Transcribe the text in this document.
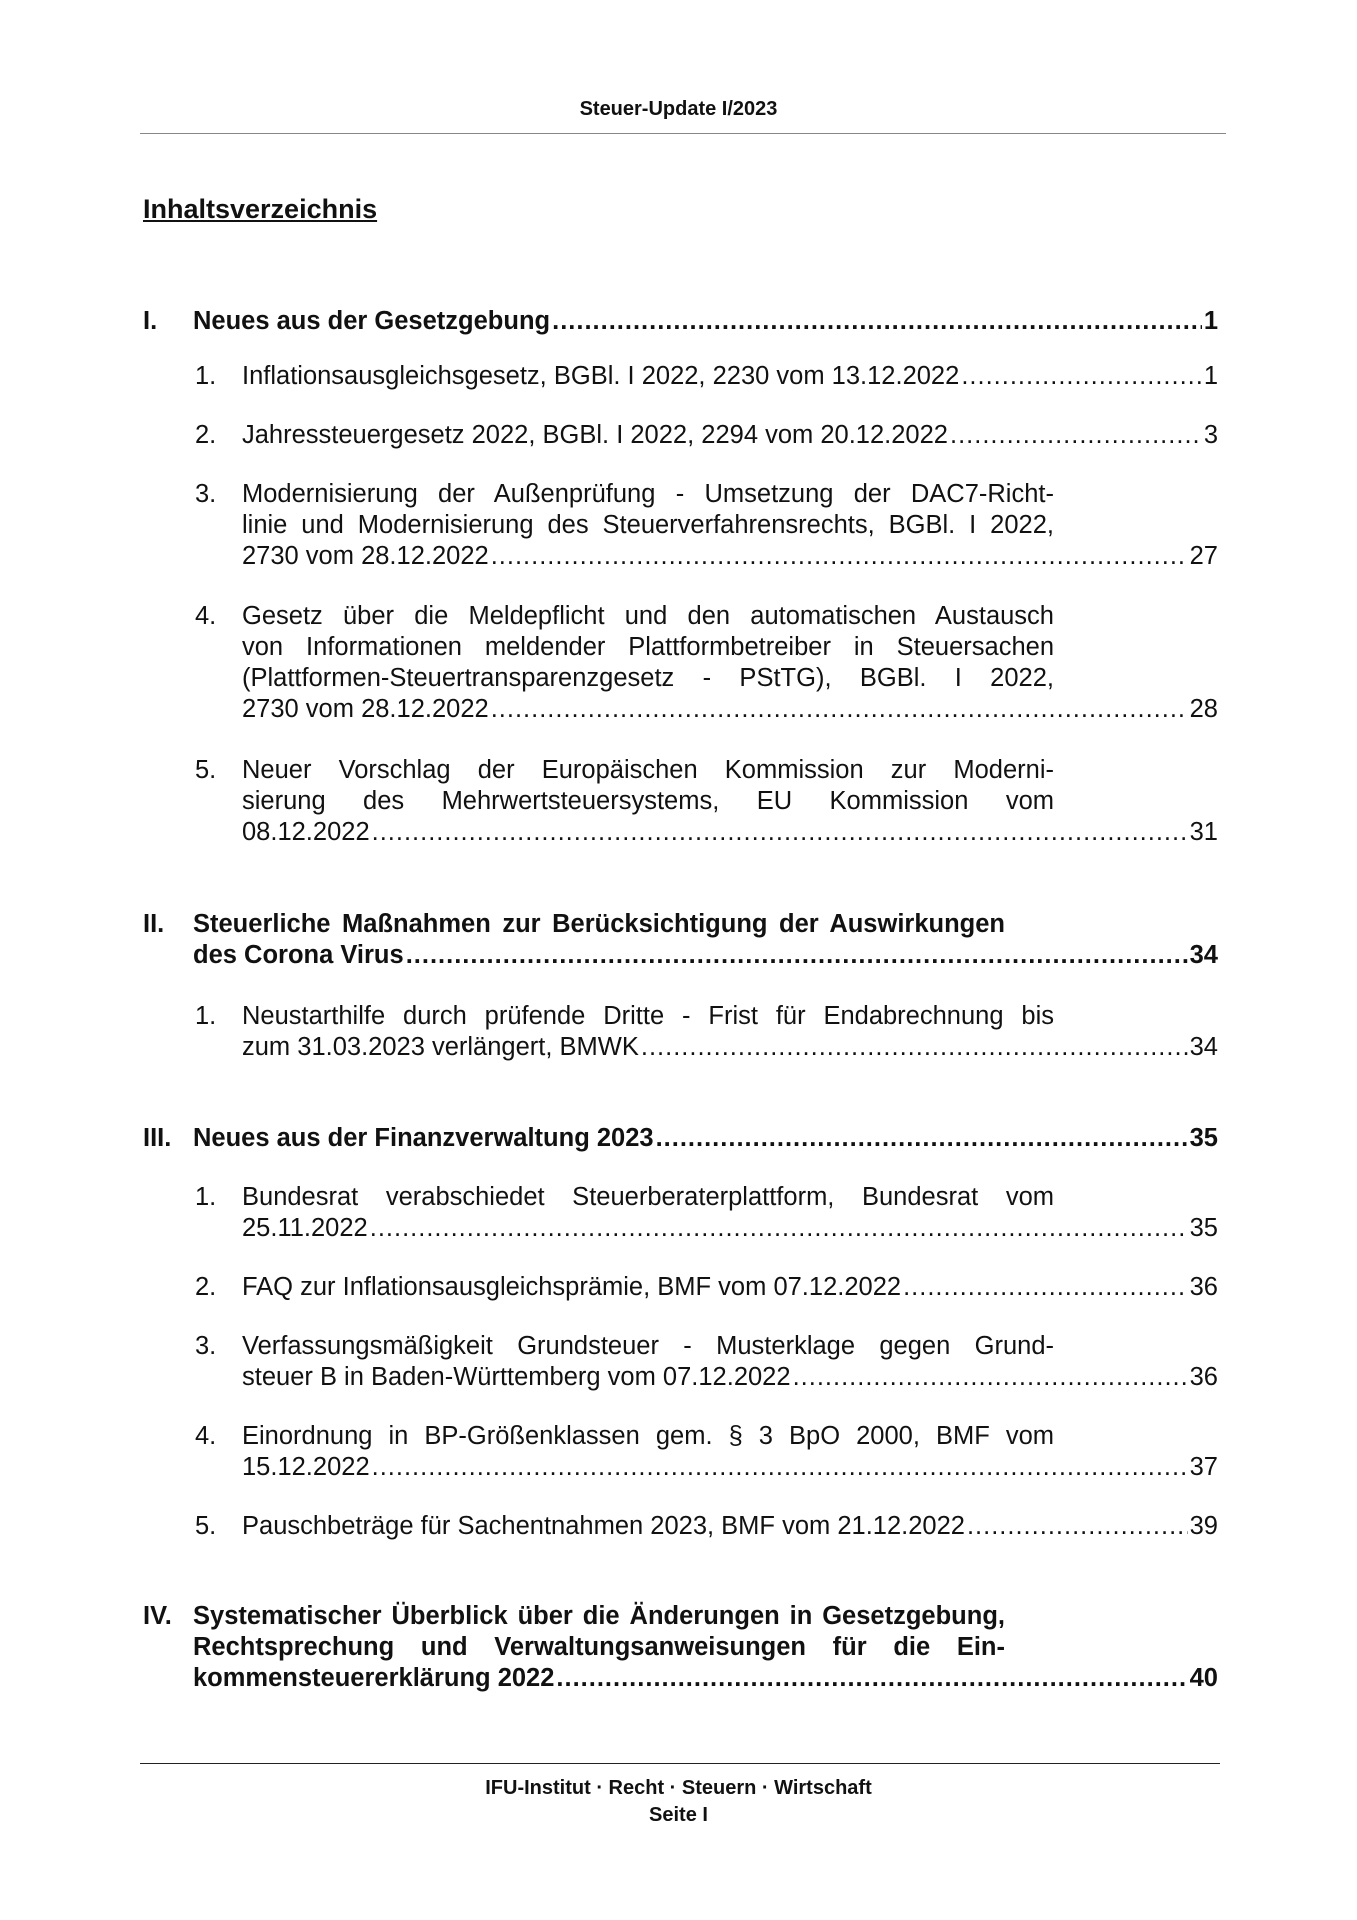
Steuer-Update I/2023
Inhaltsverzeichnis
I. Neues aus der Gesetzgebung .....	1
1. Inflationsausgleichsgesetz, BGBl. I 2022, 2230 vom 13.12.2022 .....	1
2. Jahressteuergesetz 2022, BGBl. I 2022, 2294 vom 20.12.2022 .....	3
3. Modernisierung der Außenprüfung - Umsetzung der DAC7-Richt-
linie und Modernisierung des Steuerverfahrensrechts, BGBl. I 2022,
2730 vom 28.12.2022 .....	27
4. Gesetz über die Meldepflicht und den automatischen Austausch
von Informationen meldender Plattformbetreiber in Steuersachen
(Plattformen-Steuertransparenzgesetz - PStTG), BGBl. I 2022,
2730 vom 28.12.2022 .....	28
5. Neuer Vorschlag der Europäischen Kommission zur Moderni-
sierung des Mehrwertsteuersystems, EU Kommission vom
08.12.2022 .....	31
II. Steuerliche Maßnahmen zur Berücksichtigung der Auswirkungen
des Corona Virus .....	34
1. Neustarthilfe durch prüfende Dritte - Frist für Endabrechnung bis
zum 31.03.2023 verlängert, BMWK .....	34
III. Neues aus der Finanzverwaltung 2023 .....	35
1. Bundesrat verabschiedet Steuerberaterplattform, Bundesrat vom
25.11.2022 .....	35
2. FAQ zur Inflationsausgleichsprämie, BMF vom 07.12.2022 .....	36
3. Verfassungsmäßigkeit Grundsteuer - Musterklage gegen Grund-
steuer B in Baden-Württemberg vom 07.12.2022 .....	36
4. Einordnung in BP-Größenklassen gem. § 3 BpO 2000, BMF vom
15.12.2022 .....	37
5. Pauschbeträge für Sachentnahmen 2023, BMF vom 21.12.2022 .....	39
IV. Systematischer Überblick über die Änderungen in Gesetzgebung,
Rechtsprechung und Verwaltungsanweisungen für die Ein-
kommensteuererklärung 2022 .....	40
IFU-Institut · Recht · Steuern · Wirtschaft
Seite I
